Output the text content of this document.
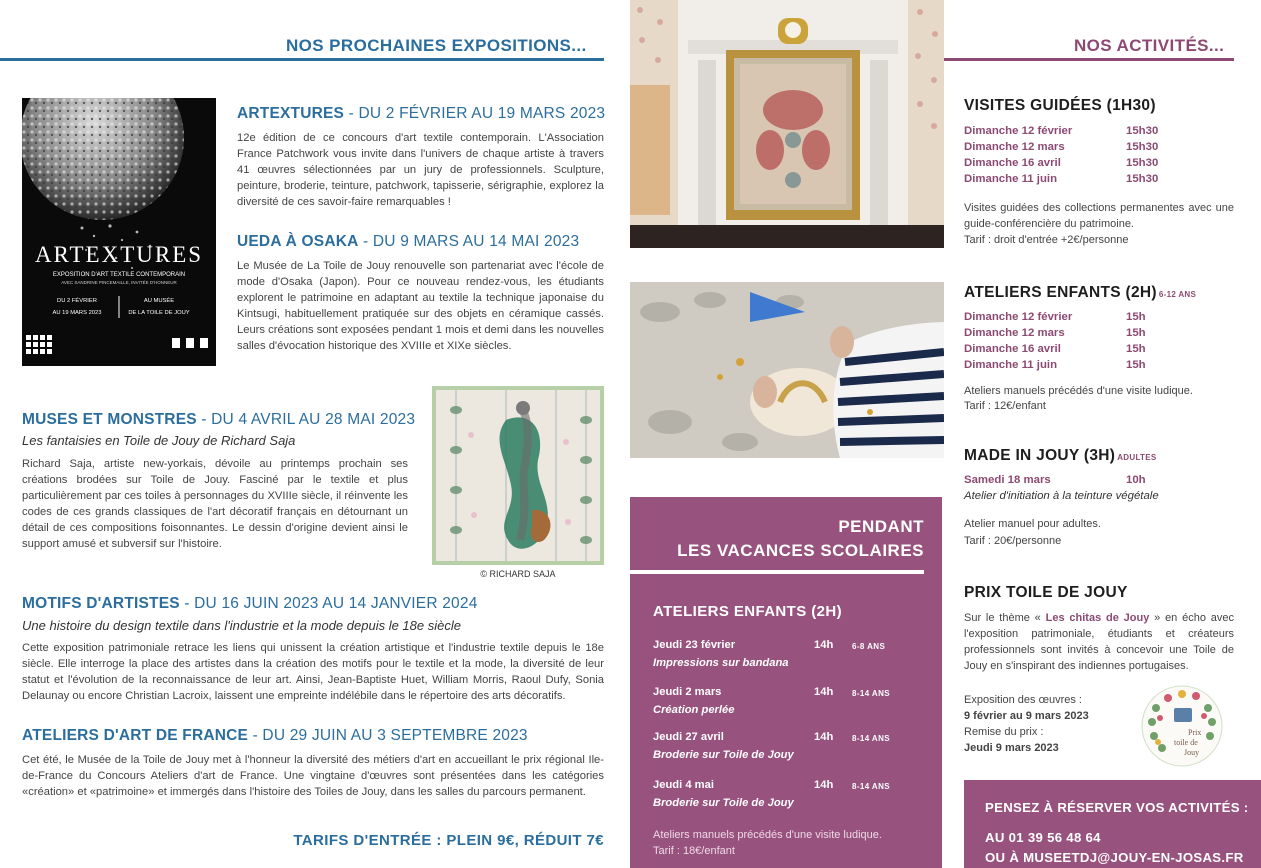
NOS PROCHAINES EXPOSITIONS...
ARTEXTURES
EXPOSITION D'ART TEXTILE CONTEMPORAIN
AVEC SANDRINE PINCEMAILLE, INVITÉE D'HONNEUR
DU 2 FÉVRIER
AU 19 MARS 2023
AU MUSÉE
DE LA TOILE DE JOUY
ARTEXTURES - DU 2 FÉVRIER AU 19 MARS 2023

12e édition de ce concours d'art textile contemporain. L'Association France Patchwork vous invite dans l'univers de chaque artiste à travers 41 œuvres sélectionnées par un jury de professionnels. Sculpture, peinture, broderie, teinture, patchwork, tapisserie, sérigraphie, explorez la diversité de ces savoir-faire remarquables !

UEDA À OSAKA - DU 9 MARS AU 14 MAI 2023

Le Musée de La Toile de Jouy renouvelle son partenariat avec l'école de mode d'Osaka (Japon). Pour ce nouveau rendez-vous, les étudiants explorent le patrimoine en adaptant au textile la technique japonaise du Kintsugi, habituellement pratiquée sur des objets en céramique cassés. Leurs créations sont exposées pendant 1 mois et demi dans les nouvelles salles d'évocation historique des XVIIIe et XIXe siècles.

MUSES ET MONSTRES - DU 4 AVRIL AU 28 MAI 2023
Les fantaisies en Toile de Jouy de Richard Saja

Richard Saja, artiste new-yorkais, dévoile au printemps prochain ses créations brodées sur Toile de Jouy. Fasciné par le textile et plus particulièrement par ces toiles à personnages du XVIIIe siècle, il réinvente les codes de ces grands classiques de l'art décoratif français en détournant un détail de ces compositions foisonnantes. Le dessin d'origine devient ainsi le support amusé et subversif sur l'histoire.

© RICHARD SAJA
MOTIFS D'ARTISTES - DU 16 JUIN 2023 AU 14 JANVIER 2024
Une histoire du design textile dans l'industrie et la mode depuis le 18e siècle

Cette exposition patrimoniale retrace les liens qui unissent la création artistique et l'industrie textile depuis le 18e siècle. Elle interroge la place des artistes dans la création des motifs pour le textile et la mode, la diversité de leur statut et l'évolution de la reconnaissance de leur art. Ainsi, Jean-Baptiste Huet, William Morris, Raoul Dufy, Sonia Delaunay ou encore Christian Lacroix, laissent une empreinte indélébile dans le répertoire des arts décoratifs.

ATELIERS D'ART DE FRANCE - DU 29 JUIN AU 3 SEPTEMBRE 2023

Cet été, le Musée de la Toile de Jouy met à l'honneur la diversité des métiers d'art en accueillant le prix régional Ile-de-France du Concours Ateliers d'art de France. Une vingtaine d'œuvres sont présentées dans les catégories «création» et «patrimoine» et immergés dans l'histoire des Toiles de Jouy, dans les salles du parcours permanent.

TARIFS D'ENTRÉE : PLEIN 9€, RÉDUIT 7€
PENDANT
LES VACANCES SCOLAIRES
ATELIERS ENFANTS (2H)
Jeudi 23 février	14h	6-8 ANS
Impressions sur bandana
Jeudi 2 mars	14h	8-14 ANS
Création perlée
Jeudi 27 avril	14h	8-14 ANS
Broderie sur Toile de Jouy
Jeudi 4 mai	14h	8-14 ANS
Broderie sur Toile de Jouy
Ateliers manuels précédés d'une visite ludique.
Tarif : 18€/enfant
NOS ACTIVITÉS...
VISITES GUIDÉES (1H30)
Dimanche 12 février	15h30
Dimanche 12 mars	15h30
Dimanche 16 avril	15h30
Dimanche 11 juin	15h30

Visites guidées des collections permanentes avec une guide-conférencière du patrimoine.

Tarif : droit d'entrée +2€/personne

ATELIERS ENFANTS (2H) 6-12 ANS
Dimanche 12 février	15h
Dimanche 12 mars	15h
Dimanche 16 avril	15h
Dimanche 11 juin	15h

Ateliers manuels précédés d'une visite ludique.

Tarif : 12€/enfant

MADE IN JOUY (3H) ADULTES
Samedi 18 mars	10h
Atelier d'initiation à la teinture végétale

Atelier manuel pour adultes.

Tarif : 20€/personne

PRIX TOILE DE JOUY

Sur le thème « Les chitas de Jouy » en écho avec l'exposition patrimoniale, étudiants et créateurs professionnels sont invités à concevoir une Toile de Jouy en s'inspirant des indiennes portugaises.

Exposition des œuvres :
9 février au 9 mars 2023
Remise du prix :
Jeudi 9 mars 2023
Prix
toile de
Jouy
PENSEZ À RÉSERVER VOS ACTIVITÉS :
AU 01 39 56 48 64
OU À MUSEETDJ@JOUY-EN-JOSAS.FR
